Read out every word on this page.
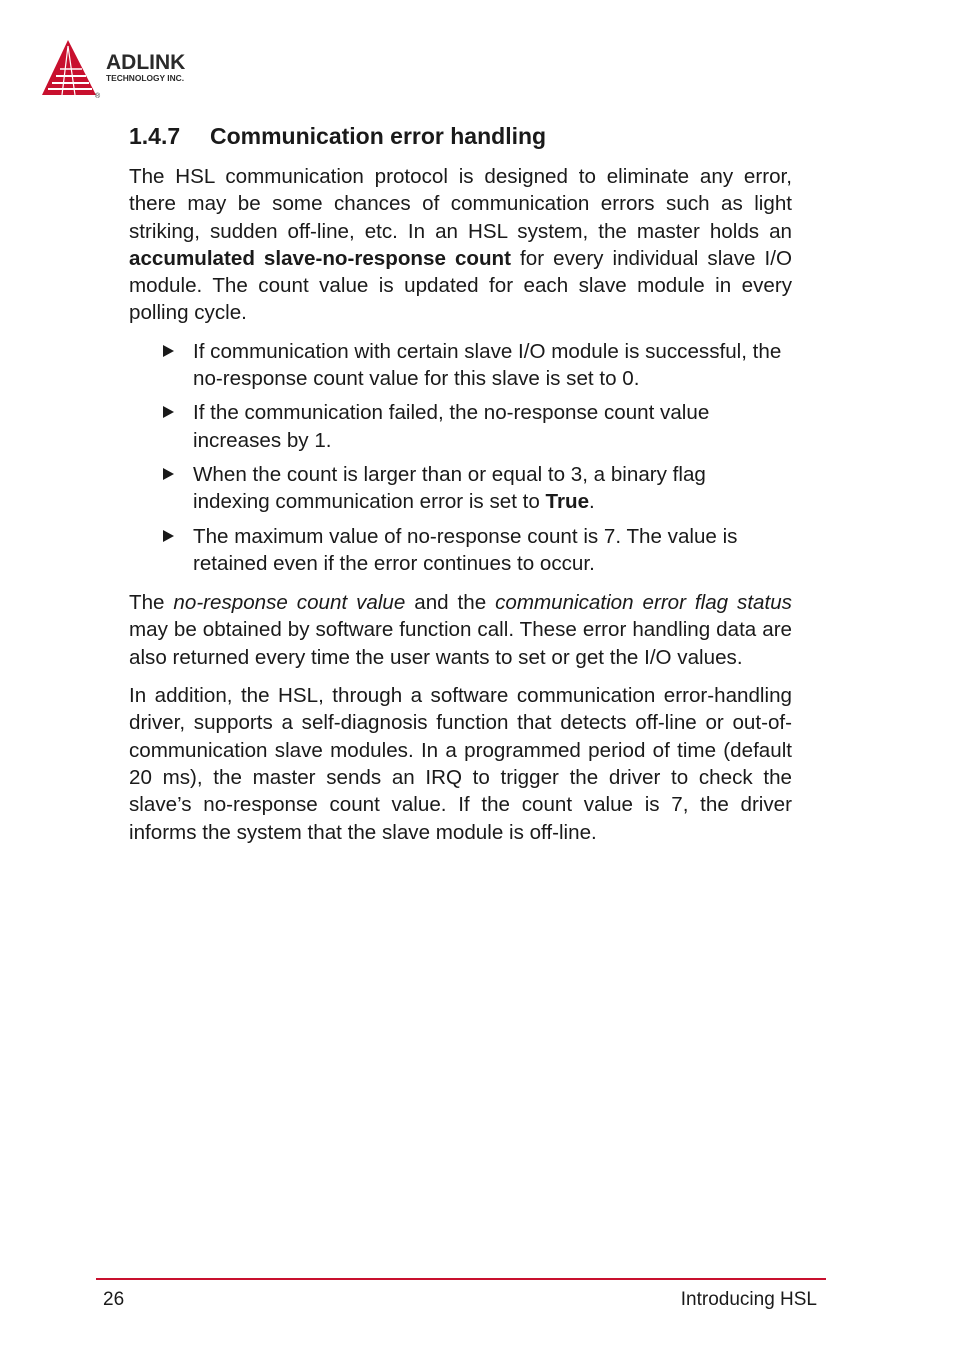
ADLINK
TECHNOLOGY INC.
®
1.4.7 Communication error handling

The HSL communication protocol is designed to eliminate any error, there may be some chances of communication errors such as light striking, sudden off-line, etc. In an HSL system, the master holds an accumulated slave-no-response count for every individual slave I/O module. The count value is updated for each slave module in every polling cycle.

If communication with certain slave I/O module is successful, the no-response count value for this slave is set to 0.
If the communication failed, the no-response count value increases by 1.
When the count is larger than or equal to 3, a binary flag indexing communication error is set to True.
The maximum value of no-response count is 7. The value is retained even if the error continues to occur.

The no-response count value and the communication error flag status may be obtained by software function call. These error handling data are also returned every time the user wants to set or get the I/O values.

In addition, the HSL, through a software communication error-handling driver, supports a self-diagnosis function that detects off-line or out-of-communication slave modules. In a programmed period of time (default 20 ms), the master sends an IRQ to trigger the driver to check the slave’s no-response count value. If the count value is 7, the driver informs the system that the slave module is off-line.

26	Introducing HSL
